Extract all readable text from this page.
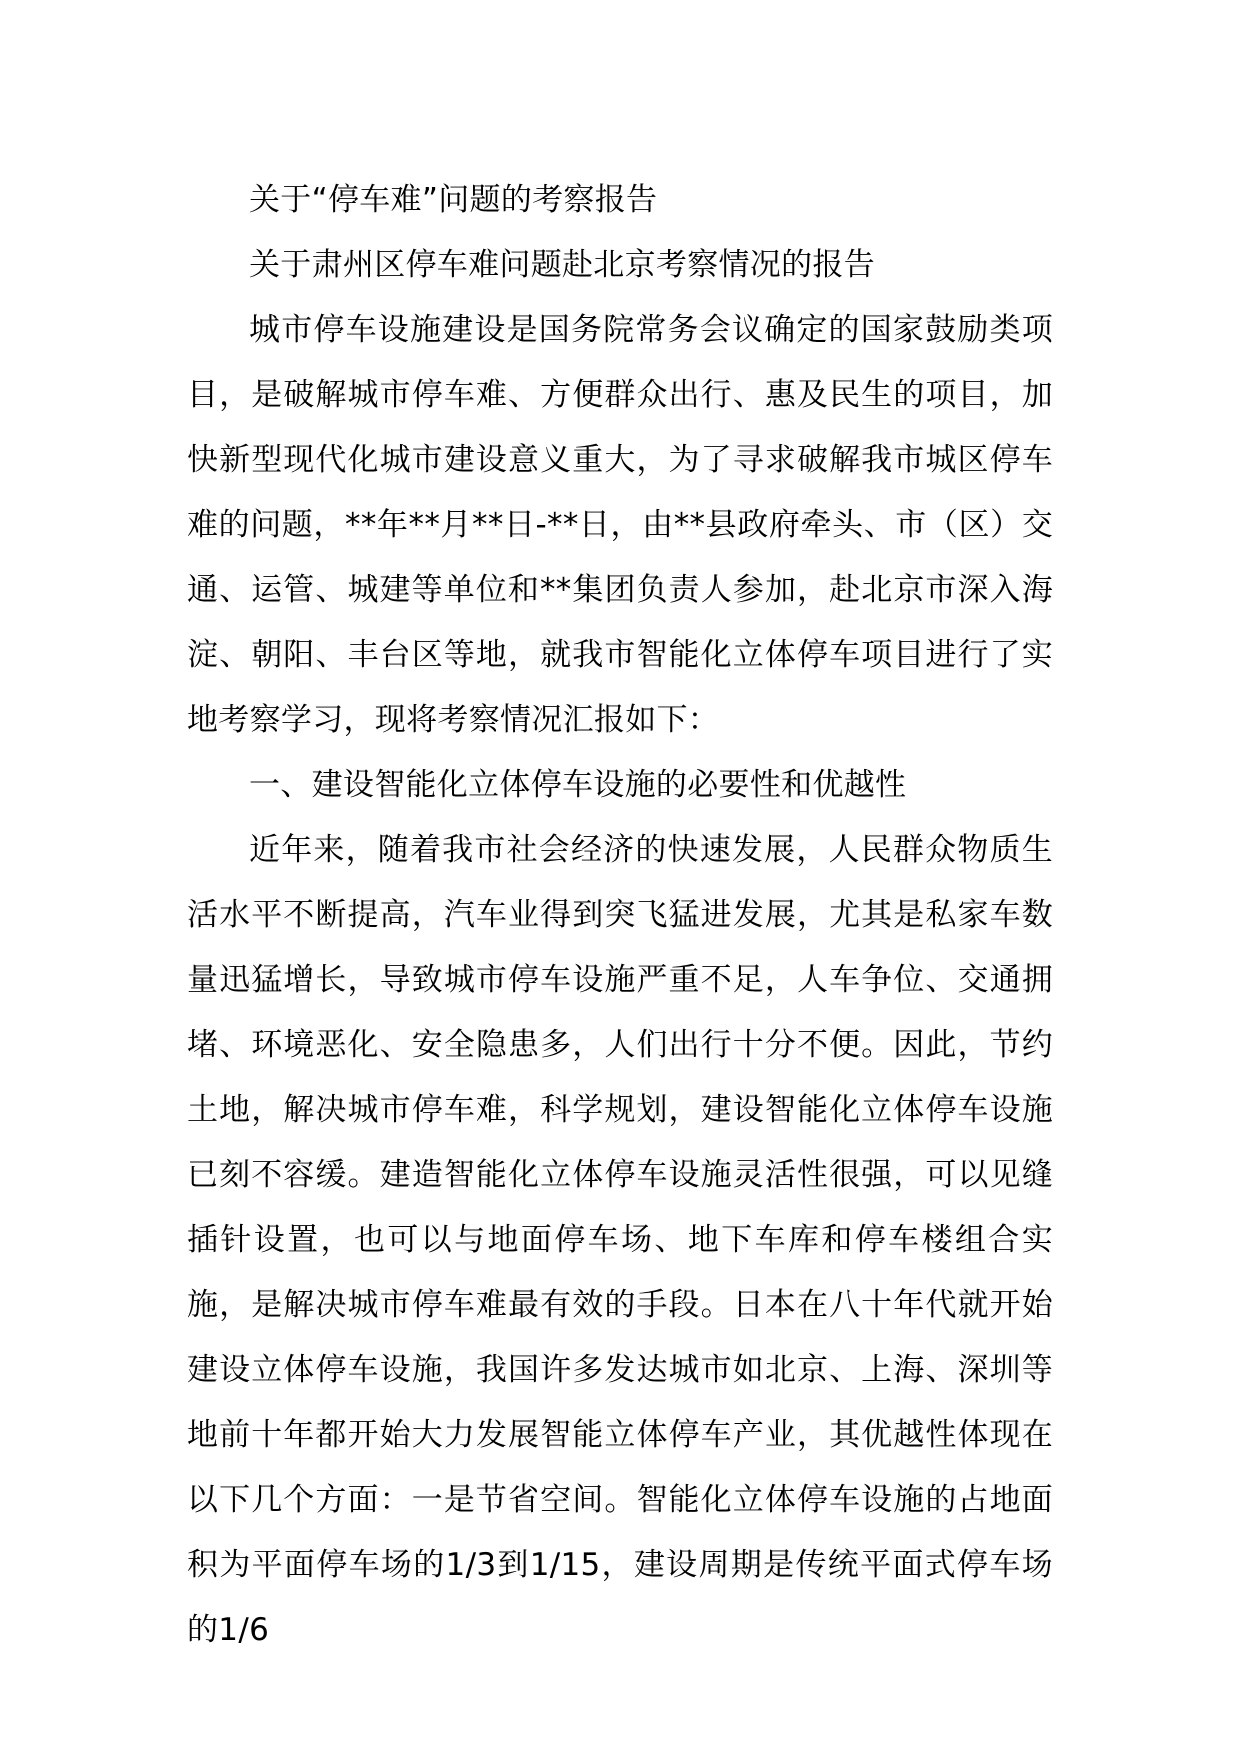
关于“停车难”问题的考察报告

关于肃州区停车难问题赴北京考察情况的报告

城市停车设施建设是国务院常务会议确定的国家鼓励类项目，是破解城市停车难、方便群众出行、惠及民生的项目，加快新型现代化城市建设意义重大，为了寻求破解我市城区停车难的问题，**年**月**日-**日，由**县政府牵头、市（区）交通、运管、城建等单位和**集团负责人参加，赴北京市深入海淀、朝阳、丰台区等地，就我市智能化立体停车项目进行了实地考察学习，现将考察情况汇报如下：

一、建设智能化立体停车设施的必要性和优越性

近年来，随着我市社会经济的快速发展，人民群众物质生活水平不断提高，汽车业得到突飞猛进发展，尤其是私家车数量迅猛增长，导致城市停车设施严重不足，人车争位、交通拥堵、环境恶化、安全隐患多，人们出行十分不便。因此，节约土地，解决城市停车难，科学规划，建设智能化立体停车设施已刻不容缓。建造智能化立体停车设施灵活性很强，可以见缝插针设置，也可以与地面停车场、地下车库和停车楼组合实施，是解决城市停车难最有效的手段。日本在八十年代就开始建设立体停车设施，我国许多发达城市如北京、上海、深圳等地前十年都开始大力发展智能立体停车产业，其优越性体现在以下几个方面：一是节省空间。智能化立体停车设施的占地面积为平面停车场的1/3到1/15，建设周期是传统平面式停车场的1/6
